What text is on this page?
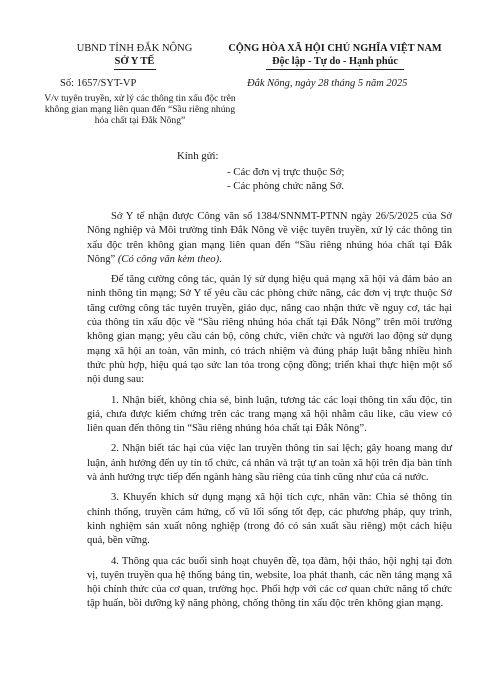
UBND TỈNH ĐẮK NÔNG
SỞ Y TẾ
Số: 1657/SYT-VP
V/v tuyên truyền, xử lý các thông tin xấu độc trên không gian mạng liên quan đến “Sầu riêng nhúng hóa chất tại Đắk Nông”
CỘNG HÒA XÃ HỘI CHỦ NGHĨA VIỆT NAM
Độc lập - Tự do - Hạnh phúc
Đắk Nông, ngày 28 tháng 5 năm 2025
Kính gửi:
- Các đơn vị trực thuộc Sở;
- Các phòng chức năng Sở.

Sở Y tế nhận được Công văn số 1384/SNNMT-PTNN ngày 26/5/2025 của Sở Nông nghiệp và Môi trường tỉnh Đắk Nông về việc tuyên truyền, xử lý các thông tin xấu độc trên không gian mạng liên quan đến “Sầu riêng nhúng hóa chất tại Đắk Nông” (Có công văn kèm theo).

Để tăng cường công tác, quản lý sử dụng hiệu quả mạng xã hội và đảm bảo an ninh thông tin mạng; Sở Y tế yêu cầu các phòng chức năng, các đơn vị trực thuộc Sở tăng cường công tác tuyên truyền, giáo dục, nâng cao nhận thức về nguy cơ, tác hại của thông tin xấu độc về “Sầu riêng nhúng hóa chất tại Đắk Nông” trên môi trường không gian mạng; yêu cầu cán bộ, công chức, viên chức và người lao động sử dụng mạng xã hội an toàn, văn minh, có trách nhiệm và đúng pháp luật bằng nhiều hình thức phù hợp, hiệu quả tạo sức lan tỏa trong cộng đồng; triển khai thực hiện một số nội dung sau:

1. Nhận biết, không chia sẻ, bình luận, tương tác các loại thông tin xấu độc, tin giả, chưa được kiểm chứng trên các trang mạng xã hội nhằm câu like, câu view có liên quan đến thông tin “Sầu riêng nhúng hóa chất tại Đắk Nông”.

2. Nhận biết tác hại của việc lan truyền thông tin sai lệch; gây hoang mang dư luận, ảnh hưởng đến uy tín tổ chức, cá nhân và trật tự an toàn xã hội trên địa bàn tỉnh và ảnh hưởng trực tiếp đến ngành hàng sầu riêng của tỉnh cũng như của cả nước.

3. Khuyến khích sử dụng mạng xã hội tích cực, nhân văn: Chia sẻ thông tin chính thống, truyền cảm hứng, cổ vũ lối sống tốt đẹp, các phương pháp, quy trình, kinh nghiệm sản xuất nông nghiệp (trong đó có sản xuất sầu riêng) một cách hiệu quả, bền vững.

4. Thông qua các buổi sinh hoạt chuyên đề, tọa đàm, hội thảo, hội nghị tại đơn vị, tuyên truyền qua hệ thống bảng tin, website, loa phát thanh, các nền tảng mạng xã hội chính thức của cơ quan, trường học. Phối hợp với các cơ quan chức năng tổ chức tập huấn, bồi dưỡng kỹ năng phòng, chống thông tin xấu độc trên không gian mạng.
